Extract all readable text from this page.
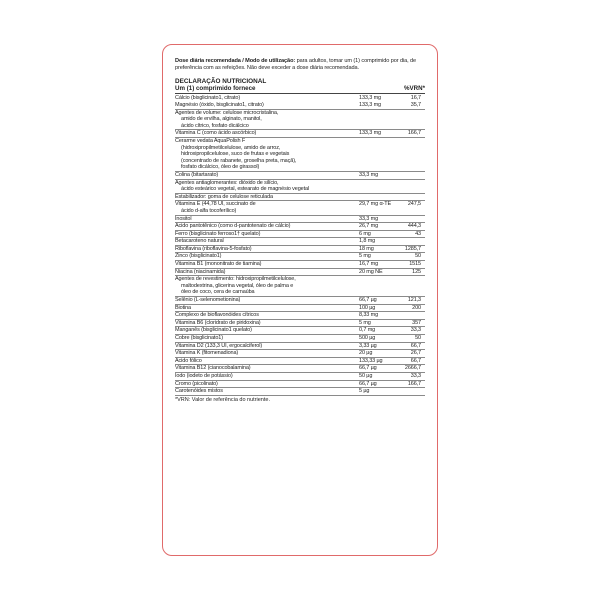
Dose diária recomendada / Modo de utilização: para adultos, tomar um (1) comprimido por dia, de preferência com as refeições. Não deve exceder a dose diária recomendada.

DECLARAÇÃO NUTRICIONAL

Um (1) comprimido fornece	%VRN*
Cálcio (bisglicinato1, citrato)	133,3 mg	16,7
Magnésio (óxido, bisglicinato1, citrato)	133,3 mg	35,7
Agentes de volume: celulose microcristalina,
amido de ervilha, alginato, manitol,
ácido cítrico, fosfato dicálcico
Vitamina C (como ácido ascórbico)	133,3 mg	166,7
Cerarme vedata AquaPolish F
(hidroxipropilmetilcelulose, amido de arroz,
hidroxipropilcelulose, suco de frutas e vegetais
(concentrado de rabanete, groselha preta, maçã),
fosfato dicálcico, óleo de girassol)
Colina (bitartarato)	33,3 mg
Agentes antiaglomerantes: dióxido de silício,
ácido esteárico vegetal, estearato de magnésio vegetal
Estabilizador: goma de celulose reticulada
Vitamina E (44,78 UI, succinato de	29,7 mg α-TE	247,5
ácido d-alfa tocoferílico)
Inositol	33,3 mg
Ácido pantotênico (como d-pantotenato de cálcio)	26,7 mg	444,3
Ferro (bisglicinato ferroso1† quelato)	6 mg	43
Betacaroteno natural	1,8 mg
Riboflavina (riboflavina-5-fosfato)	18 mg	1285,7
Zinco (bisglicinato1)	5 mg	50
Vitamina B1 (mononitrato de tiamina)	16,7 mg	1515
Niacina (niacinamida)	20 mg NE	125
Agentes de revestimento: hidroxipropilmetilcelulose,
maltodextrina, glicerina vegetal, óleo de palma e
óleo de coco, cera de carnaúba
Selênio (L-selenometionina)	66,7 µg	121,3
Biotina	100 µg	200
Complexo de bioflavonóides cítricos	8,33 mg
Vitamina B6 (cloridrato de piridoxina)	5 mg	357
Manganês (bisglicinato1 quelato)	0,7 mg	33,3
Cobre (bisglicinato1)	500 µg	50
Vitamina D2 (133,3 UI, ergocalciferol)	3,33 µg	66,7
Vitamina K (fitomenadiona)	20 µg	26,7
Ácido fólico	133,33 µg	66,7
Vitamina B12 (cianocobalamina)	66,7 µg	2666,7
Iodo (iodeto de potássio)	50 µg	33,3
Cromo (picolinato)	66,7 µg	166,7
Carotenóides mistos	5 µg
*VRN: Valor de referência do nutriente.
